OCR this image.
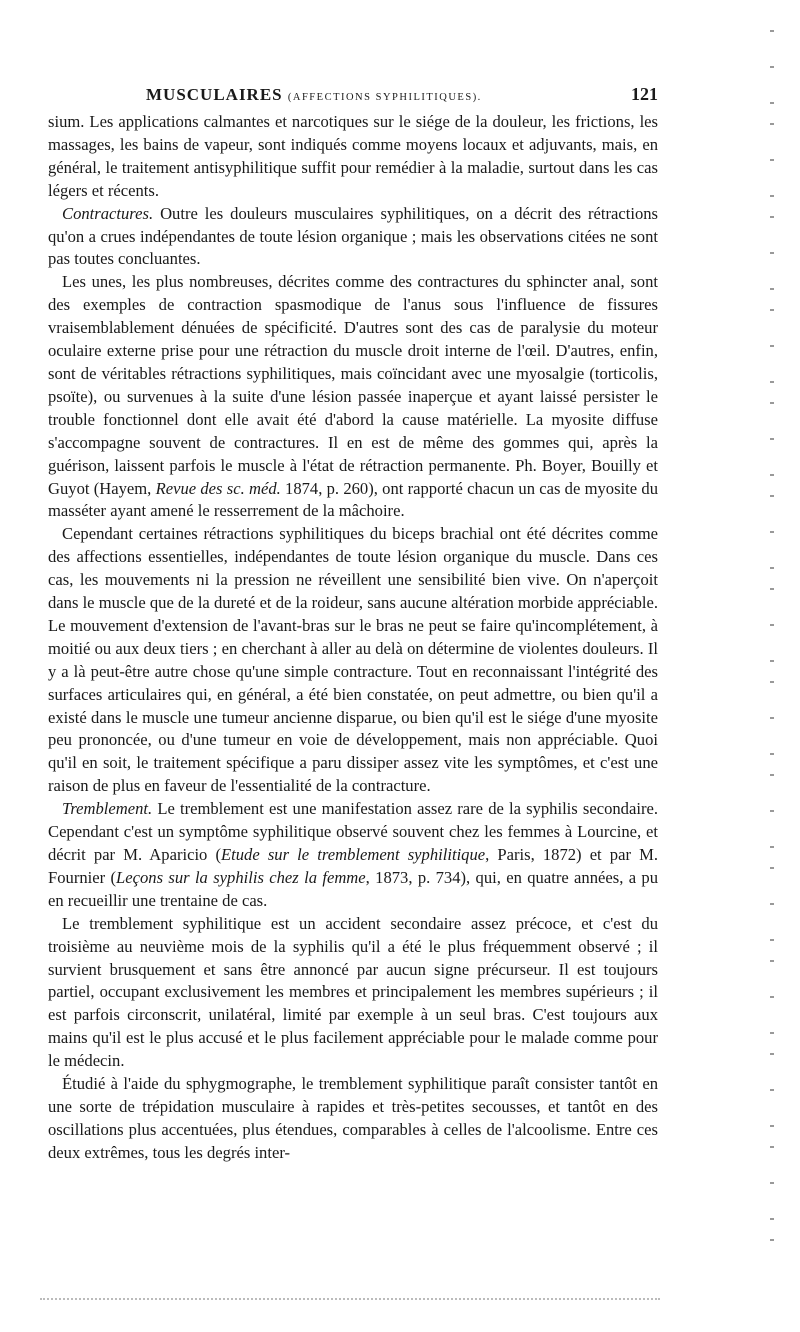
MUSCULAIRES (AFFECTIONS SYPHILITIQUES).	121

sium. Les applications calmantes et narcotiques sur le siége de la douleur, les frictions, les massages, les bains de vapeur, sont indiqués comme moyens locaux et adjuvants, mais, en général, le traitement antisyphilitique suffit pour remédier à la maladie, surtout dans les cas légers et récents.

Contractures. Outre les douleurs musculaires syphilitiques, on a décrit des rétractions qu'on a crues indépendantes de toute lésion organique ; mais les observations citées ne sont pas toutes concluantes.

Les unes, les plus nombreuses, décrites comme des contractures du sphincter anal, sont des exemples de contraction spasmodique de l'anus sous l'influence de fissures vraisemblablement dénuées de spécificité. D'autres sont des cas de paralysie du moteur oculaire externe prise pour une rétraction du muscle droit interne de l'œil. D'autres, enfin, sont de véritables rétractions syphilitiques, mais coïncidant avec une myosalgie (torticolis, psoïte), ou survenues à la suite d'une lésion passée inaperçue et ayant laissé persister le trouble fonctionnel dont elle avait été d'abord la cause matérielle. La myosite diffuse s'accompagne souvent de contractures. Il en est de même des gommes qui, après la guérison, laissent parfois le muscle à l'état de rétraction permanente. Ph. Boyer, Bouilly et Guyot (Hayem, Revue des sc. méd. 1874, p. 260), ont rapporté chacun un cas de myosite du masséter ayant amené le resserrement de la mâchoire.

Cependant certaines rétractions syphilitiques du biceps brachial ont été décrites comme des affections essentielles, indépendantes de toute lésion organique du muscle. Dans ces cas, les mouvements ni la pression ne réveillent une sensibilité bien vive. On n'aperçoit dans le muscle que de la dureté et de la roideur, sans aucune altération morbide appréciable. Le mouvement d'extension de l'avant-bras sur le bras ne peut se faire qu'incomplétement, à moitié ou aux deux tiers ; en cherchant à aller au delà on détermine de violentes douleurs. Il y a là peut-être autre chose qu'une simple contracture. Tout en reconnaissant l'intégrité des surfaces articulaires qui, en général, a été bien constatée, on peut admettre, ou bien qu'il a existé dans le muscle une tumeur ancienne disparue, ou bien qu'il est le siége d'une myosite peu prononcée, ou d'une tumeur en voie de développement, mais non appréciable. Quoi qu'il en soit, le traitement spécifique a paru dissiper assez vite les symptômes, et c'est une raison de plus en faveur de l'essentialité de la contracture.

Tremblement. Le tremblement est une manifestation assez rare de la syphilis secondaire. Cependant c'est un symptôme syphilitique observé souvent chez les femmes à Lourcine, et décrit par M. Aparicio (Etude sur le tremblement syphilitique, Paris, 1872) et par M. Fournier (Leçons sur la syphilis chez la femme, 1873, p. 734), qui, en quatre années, a pu en recueillir une trentaine de cas.

Le tremblement syphilitique est un accident secondaire assez précoce, et c'est du troisième au neuvième mois de la syphilis qu'il a été le plus fréquemment observé ; il survient brusquement et sans être annoncé par aucun signe précurseur. Il est toujours partiel, occupant exclusivement les membres et principalement les membres supérieurs ; il est parfois circonscrit, unilatéral, limité par exemple à un seul bras. C'est toujours aux mains qu'il est le plus accusé et le plus facilement appréciable pour le malade comme pour le médecin.

Étudié à l'aide du sphygmographe, le tremblement syphilitique paraît consister tantôt en une sorte de trépidation musculaire à rapides et très-petites secousses, et tantôt en des oscillations plus accentuées, plus étendues, comparables à celles de l'alcoolisme. Entre ces deux extrêmes, tous les degrés inter-
